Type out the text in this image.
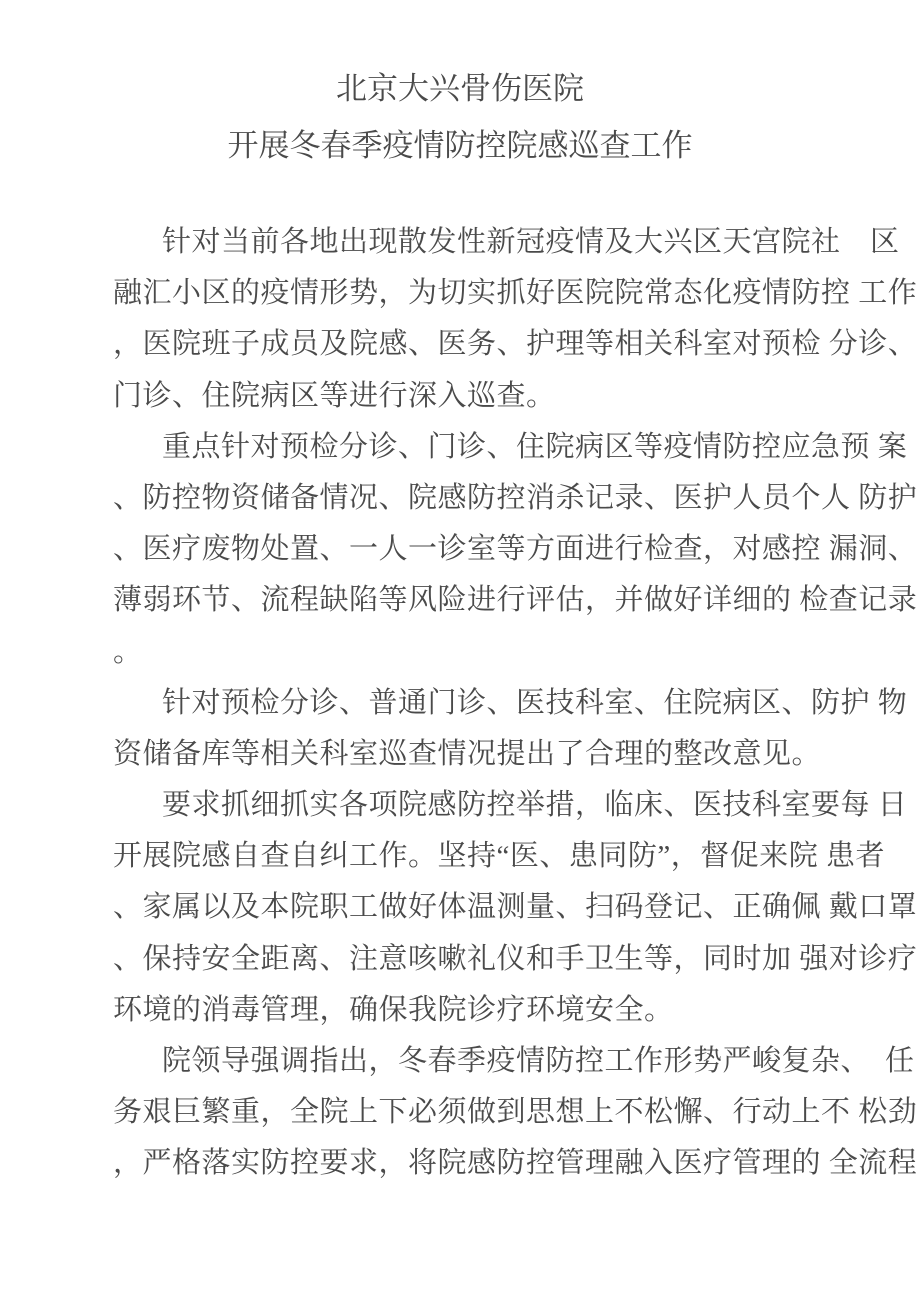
北京大兴骨伤医院
开展冬春季疫情防控院感巡查工作
针对当前各地出现散发性新冠疫情及大兴区天宫院社　区
融汇小区的疫情形势，为切实抓好医院院常态化疫情防控 工作
，医院班子成员及院感、医务、护理等相关科室对预检 分诊、
门诊、住院病区等进行深入巡查。
重点针对预检分诊、门诊、住院病区等疫情防控应急预 案
、防控物资储备情况、院感防控消杀记录、医护人员个人 防护
、医疗废物处置、一人一诊室等方面进行检查，对感控 漏洞、
薄弱环节、流程缺陷等风险进行评估，并做好详细的 检查记录
。
针对预检分诊、普通门诊、医技科室、住院病区、防护 物
资储备库等相关科室巡查情况提出了合理的整改意见。
要求抓细抓实各项院感防控举措，临床、医技科室要每 日
开展院感自查自纠工作。坚持“医、患同防”，督促来院 患者
、家属以及本院职工做好体温测量、扫码登记、正确佩 戴口罩
、保持安全距离、注意咳嗽礼仪和手卫生等，同时加 强对诊疗
环境的消毒管理，确保我院诊疗环境安全。
院领导强调指出，冬春季疫情防控工作形势严峻复杂、　任
务艰巨繁重，全院上下必须做到思想上不松懈、行动上不 松劲
，严格落实防控要求，将院感防控管理融入医疗管理的 全流程
